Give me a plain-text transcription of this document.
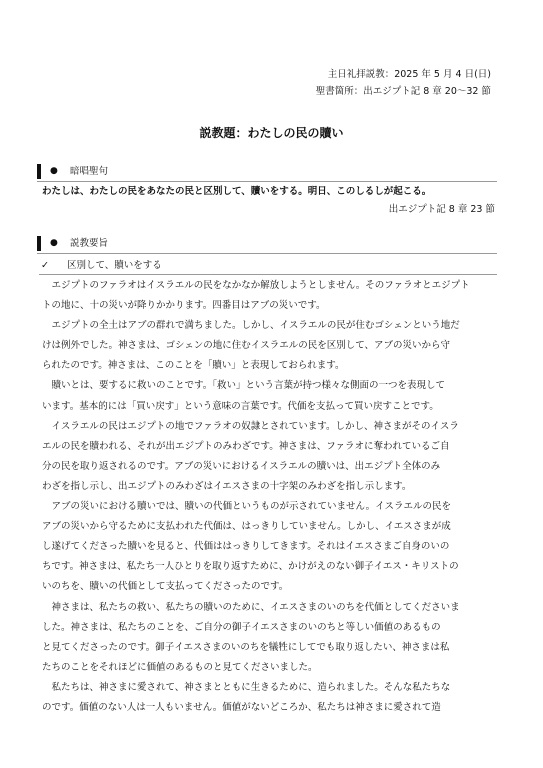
主日礼拝説教：2025 年 5 月 4 日(日)
聖書箇所：出エジプト記 8 章 20～32 節
説教題：わたしの民の贖い
● 暗唱聖句
わたしは、わたしの民をあなたの民と区別して、贖いをする。明日、このしるしが起こる。
出エジプト記 8 章 23 節
● 説教要旨
✓ 区別して、贖いをする
　エジプトのファラオはイスラエルの民をなかなか解放しようとしません。そのファラオとエジプト
トの地に、十の災いが降りかかります。四番目はアブの災いです。
　エジプトの全土はアブの群れで満ちました。しかし、イスラエルの民が住むゴシェンという地だ
けは例外でした。神さまは、ゴシェンの地に住むイスラエルの民を区別して、アブの災いから守
られたのです。神さまは、このことを「贖い」と表現しておられます。
　贖いとは、要するに救いのことです。「救い」という言葉が持つ様々な側面の一つを表現して
います。基本的には「買い戻す」という意味の言葉です。代価を支払って買い戻すことです。
　イスラエルの民はエジプトの地でファラオの奴隷とされています。しかし、神さまがそのイスラ
エルの民を贖われる、それが出エジプトのみわざです。神さまは、ファラオに奪われているご自
分の民を取り返されるのです。アブの災いにおけるイスラエルの贖いは、出エジプト全体のみ
わざを指し示し、出エジプトのみわざはイエスさまの十字架のみわざを指し示します。
　アブの災いにおける贖いでは、贖いの代価というものが示されていません。イスラエルの民を
アブの災いから守るために支払われた代価は、はっきりしていません。しかし、イエスさまが成
し遂げてくださった贖いを見ると、代価ははっきりしてきます。それはイエスさまご自身のいの
ちです。神さまは、私たち一人ひとりを取り返すために、かけがえのない御子イエス・キリストの
いのちを、贖いの代価として支払ってくださったのです。
　神さまは、私たちの救い、私たちの贖いのために、イエスさまのいのちを代価としてくださいま
した。神さまは、私たちのことを、ご自分の御子イエスさまのいのちと等しい価値のあるもの
と見てくださったのです。御子イエスさまのいのちを犠牲にしてでも取り返したい、神さまは私
たちのことをそれほどに価値のあるものと見てくださいました。
　私たちは、神さまに愛されて、神さまとともに生きるために、造られました。そんな私たちな
のです。価値のない人は一人もいません。価値がないどころか、私たちは神さまに愛されて造
